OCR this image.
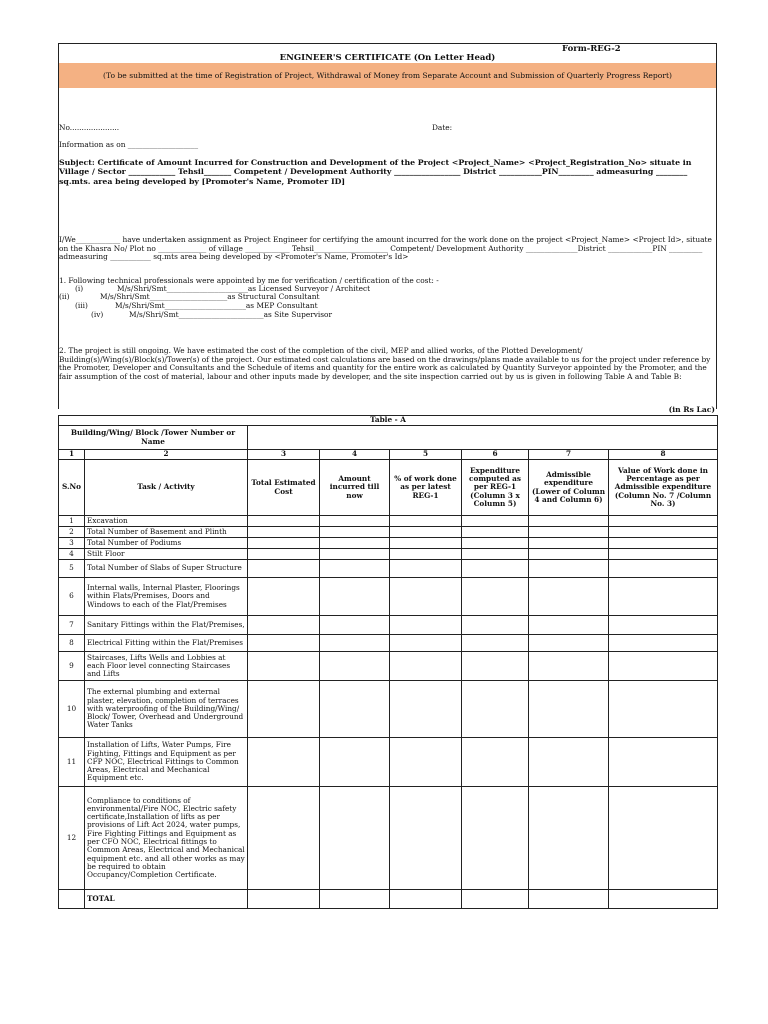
Form-REG-2
ENGINEER'S CERTIFICATE (On Letter Head)
(To be submitted at the time of Registration of Project, Withdrawal of Money from Separate Account and Submission of Quarterly Progress Report)
No.....................	Date:
Information as on ___________________
Subject: Certificate of Amount Incurred for Construction and Development of the Project <Project_Name> <Project_Registration_No> situate in Village / Sector ____________ Tehsil_______ Competent / Development Authority _________________ District ___________PIN_________ admeasuring ________ sq.mts. area being developed by [Promoter's Name, Promoter ID]
I/We____________ have undertaken assignment as Project Engineer for certifying the amount incurred for the work done on the project <Project_Name> <Project Id>, situate on the Khasra No/ Plot no _____________ of village ____________ Tehsil____________________ Competent/ Development Authority ______________District ____________PIN _________ admeasuring ___________ sq.mts area being developed by <Promoter's Name, Promoter's Id>
1. Following technical professionals were appointed by me for verification / certification of the cost: -
(i)	M/s/Shri/Smt______________________as Licensed Surveyor / Architect
(ii)	M/s/Shri/Smt_____________________as Structural Consultant
(iii)	M/s/Shri/Smt______________________as MEP Consultant
(iv)	M/s/Shri/Smt_______________________as Site Supervisor
2. The project is still ongoing. We have estimated the cost of the completion of the civil, MEP and allied works, of the Plotted Development/ Building(s)/Wing(s)/Block(s)/Tower(s) of the project. Our estimated cost calculations are based on the drawings/plans made available to us for the project under reference by the Promoter, Developer and Consultants and the Schedule of items and quantity for the entire work as calculated by Quantity Surveyor appointed by the Promoter, and the fair assumption of the cost of material, labour and other inputs made by developer, and the site inspection carried out by us is given in following Table A and Table B:
(in Rs Lac)
Table - A							
Building/Wing/ Block /Tower Number or Name							
1	2	3	4	5	6	7	8
S.No	Task / Activity	Total Estimated Cost	Amount incurred till now	% of work done as per latest REG-1	Expenditure computed as per REG-1 (Column 3 x Column 5)	Admissible expenditure (Lower of Column 4 and Column 6)	Value of Work done in Percentage as per Admissible expenditure (Column No. 7 /Column No. 3)
1	Excavation						
2	Total Number of Basement and Plinth						
3	Total Number of Podiums						
4	Stilt Floor						
5	Total Number of Slabs of Super Structure						
6	Internal walls, Internal Plaster, Floorings within Flats/Premises, Doors and Windows to each of the Flat/Premises						
7	Sanitary Fittings within the Flat/Premises,						
8	Electrical Fitting within the Flat/Premises						
9	Staircases, Lifts Wells and Lobbies at each Floor level connecting Staircases and Lifts						
10	The external plumbing and external plaster, elevation, completion of terraces with waterproofing of the Building/Wing/ Block/ Tower, Overhead and Underground Water Tanks						
11	Installation of Lifts, Water Pumps, Fire Fighting, Fittings and Equipment as per CFP NOC, Electrical Fittings to Common Areas, Electrical and Mechanical Equipment etc.						
12	Compliance to conditions of environmental/Fire NOC, Electric safety certificate,Installation of lifts as per provisions of Lift Act 2024, water pumps, Fire Fighting Fittings and Equipment as per CFO NOC, Electrical fittings to Common Areas, Electrical and Mechanical equipment etc. and all other works as may be required to obtain Occupancy/Completion Certificate.						
	TOTAL						
